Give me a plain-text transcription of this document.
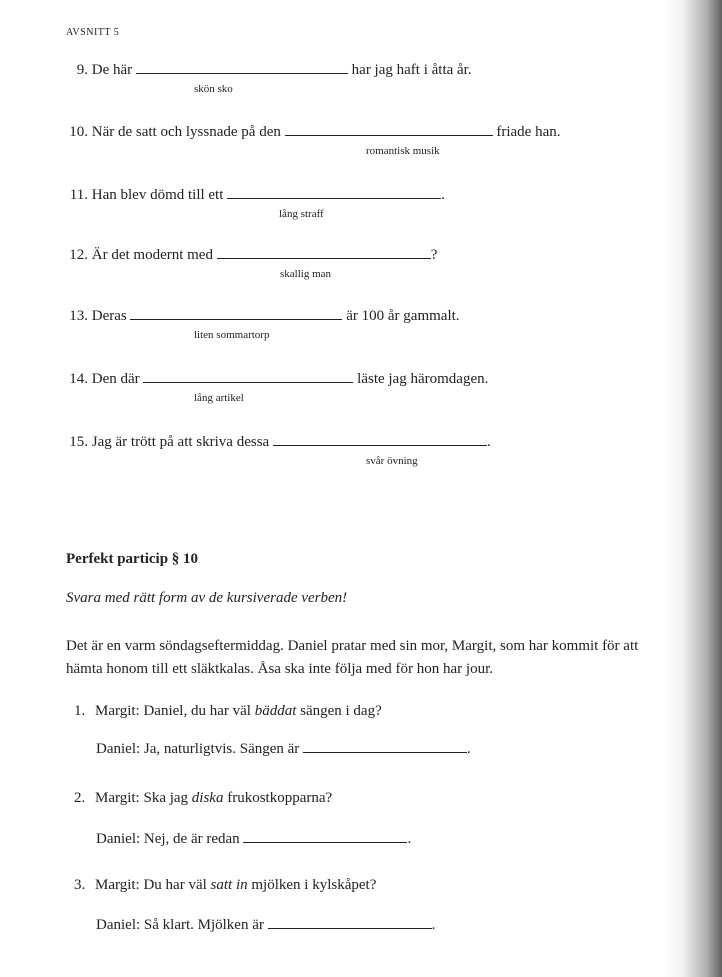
AVSNITT 5
9. De här	har jag haft i åtta år.
skön sko
10. När de satt och lyssnade på den	friade han.
romantisk musik
11. Han blev dömd till ett	.
lång straff
12. Är det modernt med	?
skallig man
13. Deras	är 100 år gammalt.
liten sommartorp
14. Den där	läste jag häromdagen.
lång artikel
15. Jag är trött på att skriva dessa	.
svår övning
Perfekt particip § 10
Svara med rätt form av de kursiverade verben!
Det är en varm söndagseftermiddag. Daniel pratar med sin mor, Margit, som har kommit för att hämta honom till ett släktkalas. Åsa ska inte följa med för hon har jour.
1. Margit: Daniel, du har väl bäddat sängen i dag?
Daniel: Ja, naturligtvis. Sängen är	.
2. Margit: Ska jag diska frukostkopparna?
Daniel: Nej, de är redan	.
3. Margit: Du har väl satt in mjölken i kylskåpet?
Daniel: Så klart. Mjölken är	.
